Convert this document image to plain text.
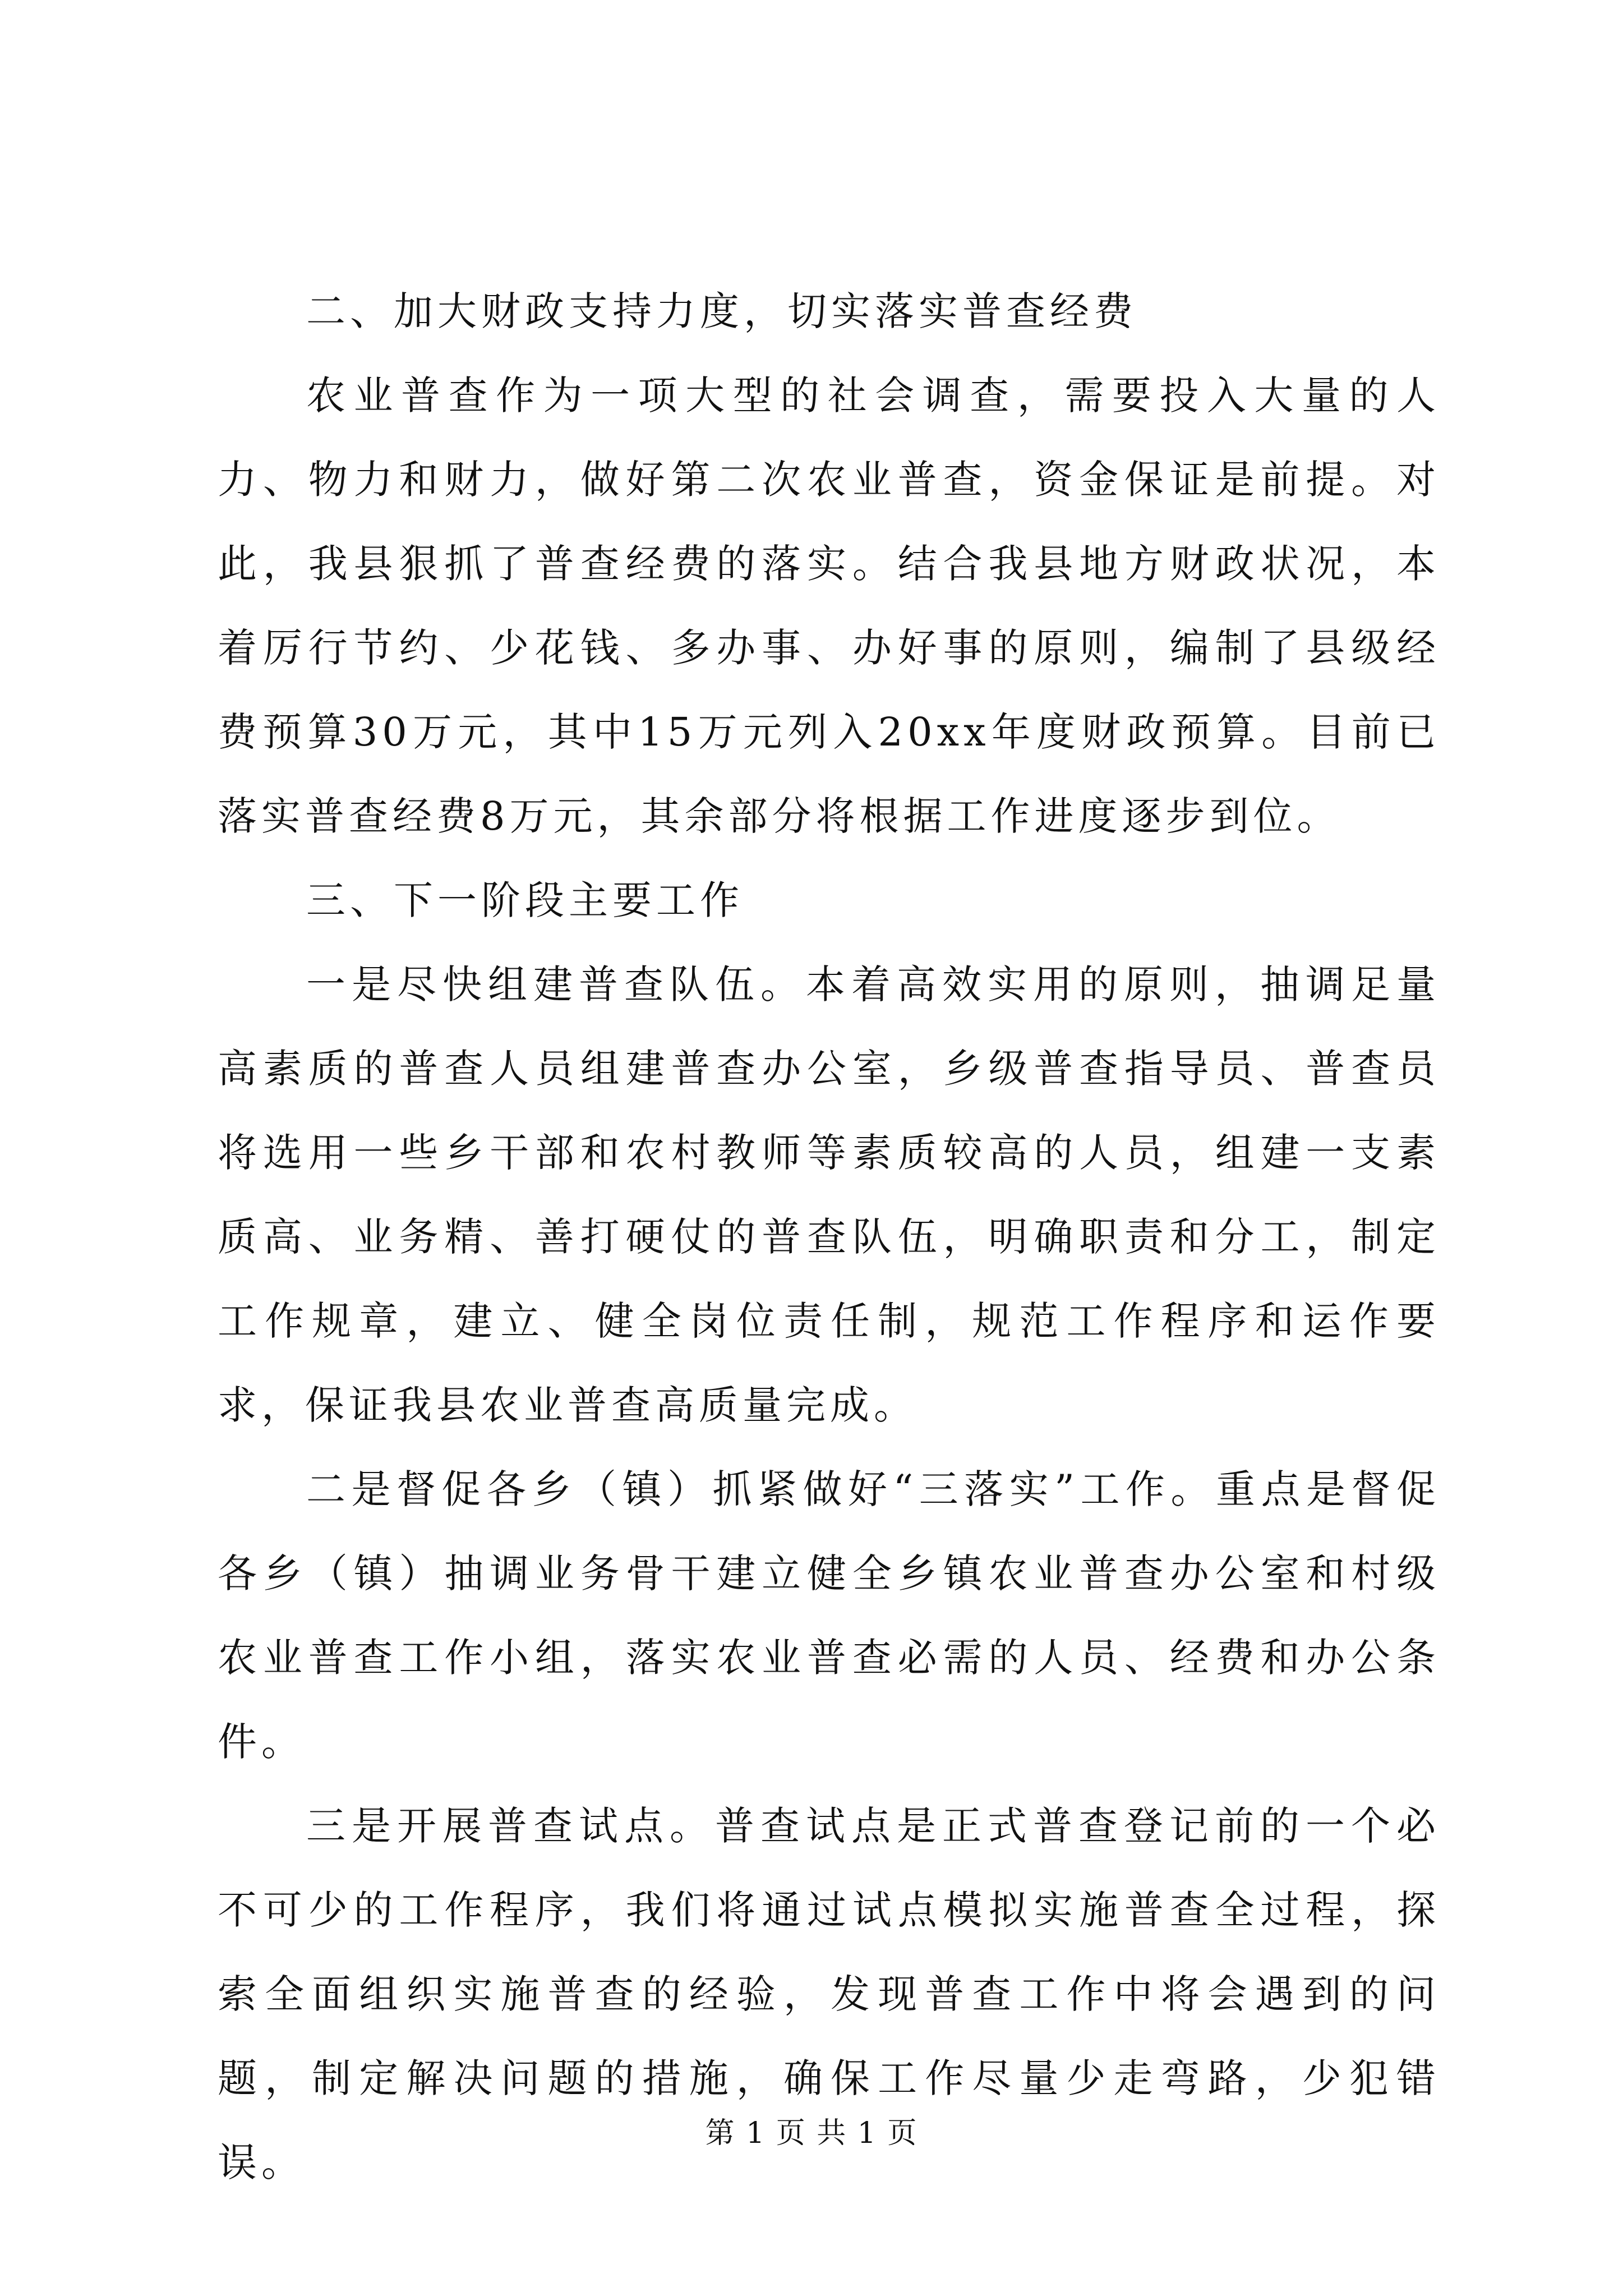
二、加大财政支持力度，切实落实普查经费

农业普查作为一项大型的社会调查，需要投入大量的人力、物力和财力，做好第二次农业普查，资金保证是前提。对此，我县狠抓了普查经费的落实。结合我县地方财政状况，本着厉行节约、少花钱、多办事、办好事的原则，编制了县级经费预算30万元，其中15万元列入20xx年度财政预算。目前已落实普查经费8万元，其余部分将根据工作进度逐步到位。

三、下一阶段主要工作

一是尽快组建普查队伍。本着高效实用的原则，抽调足量高素质的普查人员组建普查办公室，乡级普查指导员、普查员将选用一些乡干部和农村教师等素质较高的人员，组建一支素质高、业务精、善打硬仗的普查队伍，明确职责和分工，制定工作规章，建立、健全岗位责任制，规范工作程序和运作要求，保证我县农业普查高质量完成。

二是督促各乡（镇）抓紧做好“三落实”工作。重点是督促各乡（镇）抽调业务骨干建立健全乡镇农业普查办公室和村级农业普查工作小组，落实农业普查必需的人员、经费和办公条件。

三是开展普查试点。普查试点是正式普查登记前的一个必不可少的工作程序，我们将通过试点模拟实施普查全过程，探索全面组织实施普查的经验，发现普查工作中将会遇到的问题，制定解决问题的措施，确保工作尽量少走弯路，少犯错误。

第 1 页 共 1 页
